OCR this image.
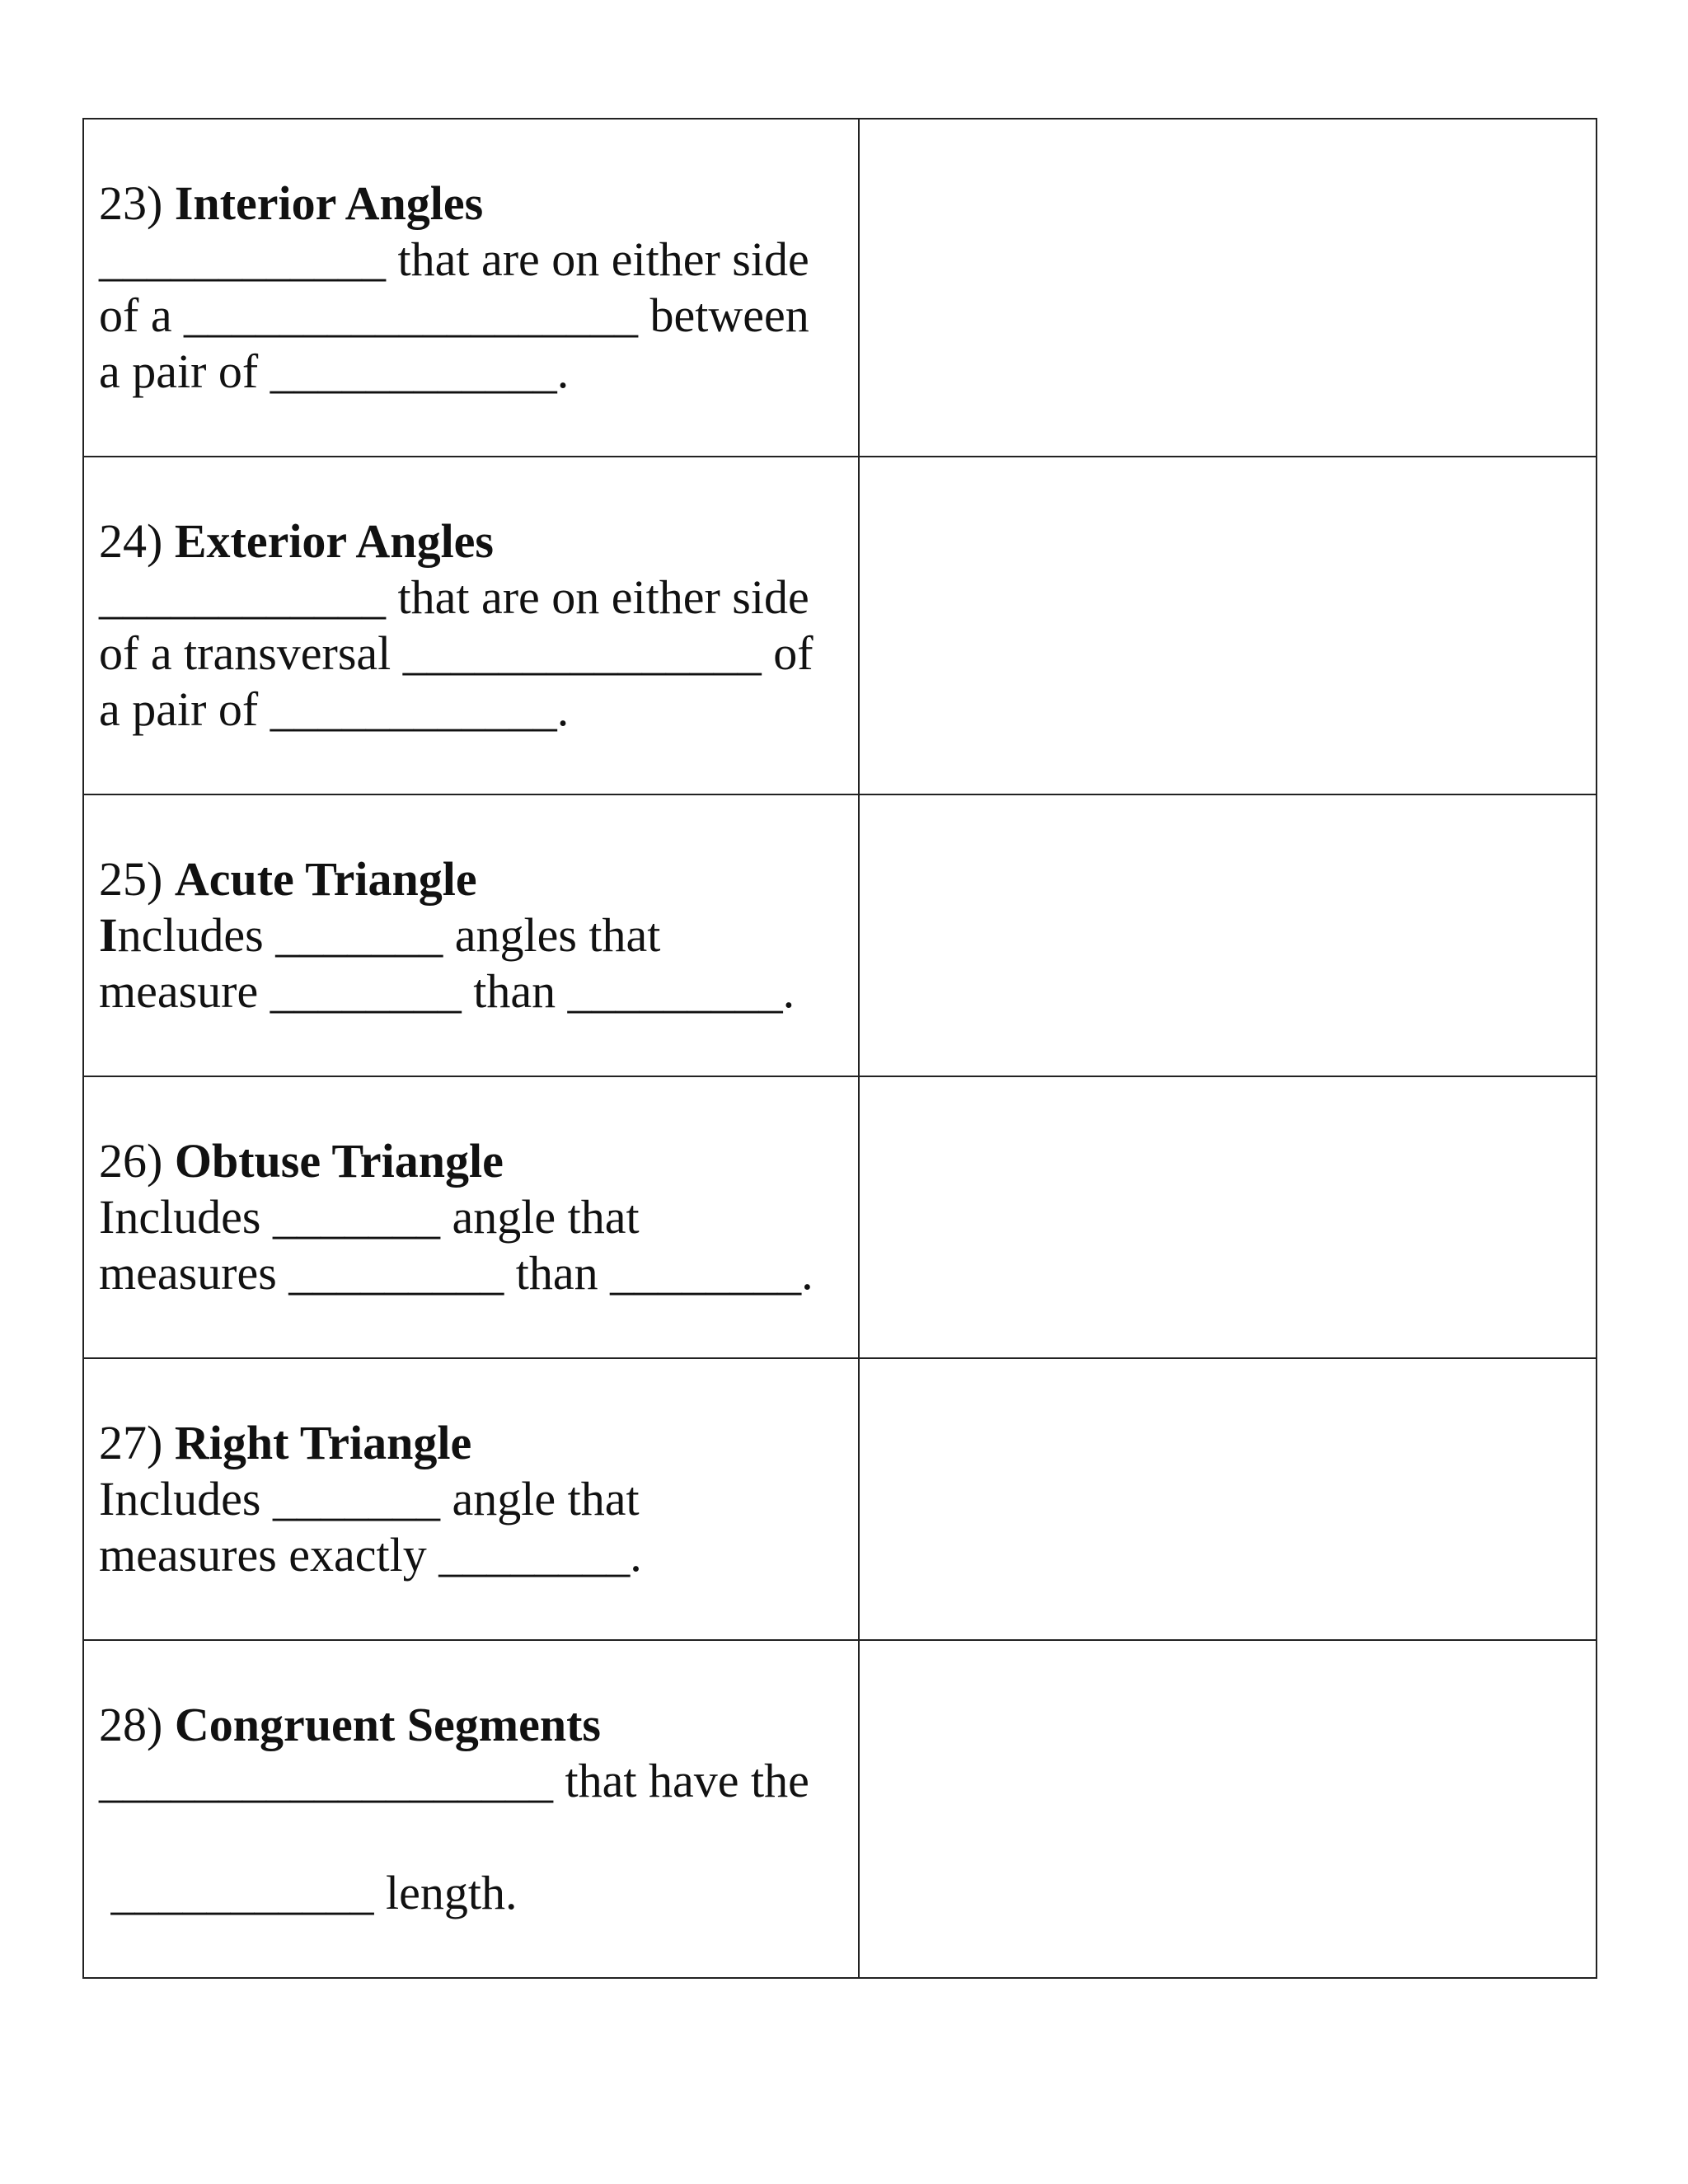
23) Interior Angles
____________ that are on either side
of a ___________________ between
a pair of ____________.	

24) Exterior Angles
____________ that are on either side
of a transversal _______________ of
a pair of ____________.	

25) Acute Triangle
Includes _______ angles that
measure ________ than _________.	

26) Obtuse Triangle
Includes _______ angle that
measures _________ than ________.	

27) Right Triangle
Includes _______ angle that
measures exactly ________.	

28) Congruent Segments
___________________ that have the
___________ length.	
